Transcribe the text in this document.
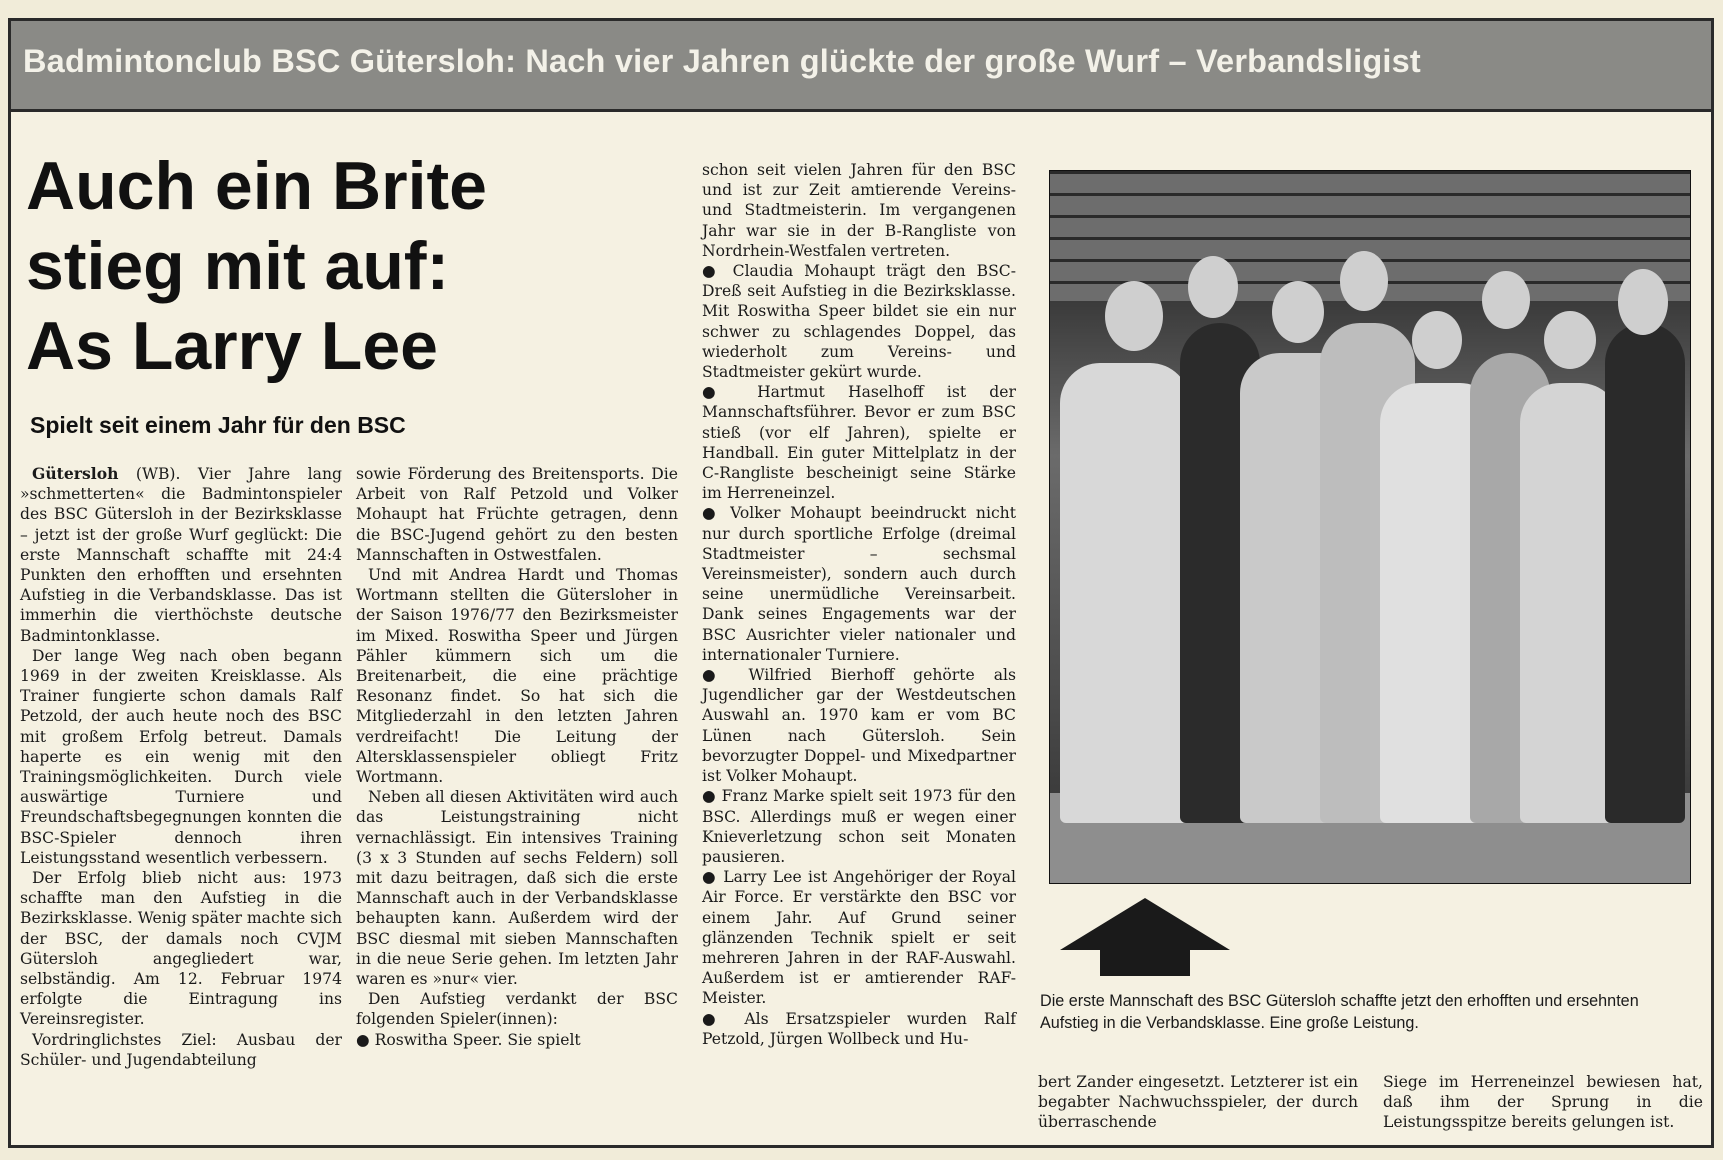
Badmintonclub BSC Gütersloh: Nach vier Jahren glückte der große Wurf – Verbandsligist
Auch ein Brite
stieg mit auf:
As Larry Lee
Spielt seit einem Jahr für den BSC

Gütersloh (WB). Vier Jahre lang »schmetterten« die Badmintonspieler des BSC Gütersloh in der Bezirksklasse – jetzt ist der große Wurf geglückt: Die erste Mannschaft schaffte mit 24:4 Punkten den erhofften und ersehnten Aufstieg in die Verbandsklasse. Das ist immerhin die vierthöchste deutsche Badmintonklasse.

Der lange Weg nach oben begann 1969 in der zweiten Kreisklasse. Als Trainer fungierte schon damals Ralf Petzold, der auch heute noch des BSC mit großem Erfolg betreut. Damals haperte es ein wenig mit den Trainingsmöglichkeiten. Durch viele auswärtige Turniere und Freundschaftsbegegnungen konnten die BSC-Spieler dennoch ihren Leistungsstand wesentlich verbessern.

Der Erfolg blieb nicht aus: 1973 schaffte man den Aufstieg in die Bezirksklasse. Wenig später machte sich der BSC, der damals noch CVJM Gütersloh angegliedert war, selbständig. Am 12. Februar 1974 erfolgte die Eintragung ins Vereinsregister.

Vordringlichstes Ziel: Ausbau der Schüler- und Jugendabteilung

sowie Förderung des Breitensports. Die Arbeit von Ralf Petzold und Volker Mohaupt hat Früchte getragen, denn die BSC-Jugend gehört zu den besten Mannschaften in Ostwestfalen.

Und mit Andrea Hardt und Thomas Wortmann stellten die Gütersloher in der Saison 1976/77 den Bezirksmeister im Mixed. Roswitha Speer und Jürgen Pähler kümmern sich um die Breitenarbeit, die eine prächtige Resonanz findet. So hat sich die Mitgliederzahl in den letzten Jahren verdreifacht! Die Leitung der Altersklassenspieler obliegt Fritz Wortmann.

Neben all diesen Aktivitäten wird auch das Leistungstraining nicht vernachlässigt. Ein intensives Training (3 x 3 Stunden auf sechs Feldern) soll mit dazu beitragen, daß sich die erste Mannschaft auch in der Verbandsklasse behaupten kann. Außerdem wird der BSC diesmal mit sieben Mannschaften in die neue Serie gehen. Im letzten Jahr waren es »nur« vier.

Den Aufstieg verdankt der BSC folgenden Spieler(innen):

● Roswitha Speer. Sie spielt

schon seit vielen Jahren für den BSC und ist zur Zeit amtierende Vereins- und Stadtmeisterin. Im vergangenen Jahr war sie in der B-Rangliste von Nordrhein-Westfalen vertreten.

● Claudia Mohaupt trägt den BSC-Dreß seit Aufstieg in die Bezirksklasse. Mit Roswitha Speer bildet sie ein nur schwer zu schlagendes Doppel, das wiederholt zum Vereins- und Stadtmeister gekürt wurde.

● Hartmut Haselhoff ist der Mannschaftsführer. Bevor er zum BSC stieß (vor elf Jahren), spielte er Handball. Ein guter Mittelplatz in der C-Rangliste bescheinigt seine Stärke im Herreneinzel.

● Volker Mohaupt beeindruckt nicht nur durch sportliche Erfolge (dreimal Stadtmeister – sechsmal Vereinsmeister), sondern auch durch seine unermüdliche Vereinsarbeit. Dank seines Engagements war der BSC Ausrichter vieler nationaler und internationaler Turniere.

● Wilfried Bierhoff gehörte als Jugendlicher gar der Westdeutschen Auswahl an. 1970 kam er vom BC Lünen nach Gütersloh. Sein bevorzugter Doppel- und Mixedpartner ist Volker Mohaupt.

● Franz Marke spielt seit 1973 für den BSC. Allerdings muß er wegen einer Knieverletzung schon seit Monaten pausieren.

● Larry Lee ist Angehöriger der Royal Air Force. Er verstärkte den BSC vor einem Jahr. Auf Grund seiner glänzenden Technik spielt er seit mehreren Jahren in der RAF-Auswahl. Außerdem ist er amtierender RAF-Meister.

● Als Ersatzspieler wurden Ralf Petzold, Jürgen Wollbeck und Hu-

Die erste Mannschaft des BSC Gütersloh schaffte jetzt den erhofften und ersehnten Aufstieg in die Verbandsklasse. Eine große Leistung.

bert Zander eingesetzt. Letzterer ist ein begabter Nachwuchsspieler, der durch überraschende

Siege im Herreneinzel bewiesen hat, daß ihm der Sprung in die Leistungsspitze bereits gelungen ist.
